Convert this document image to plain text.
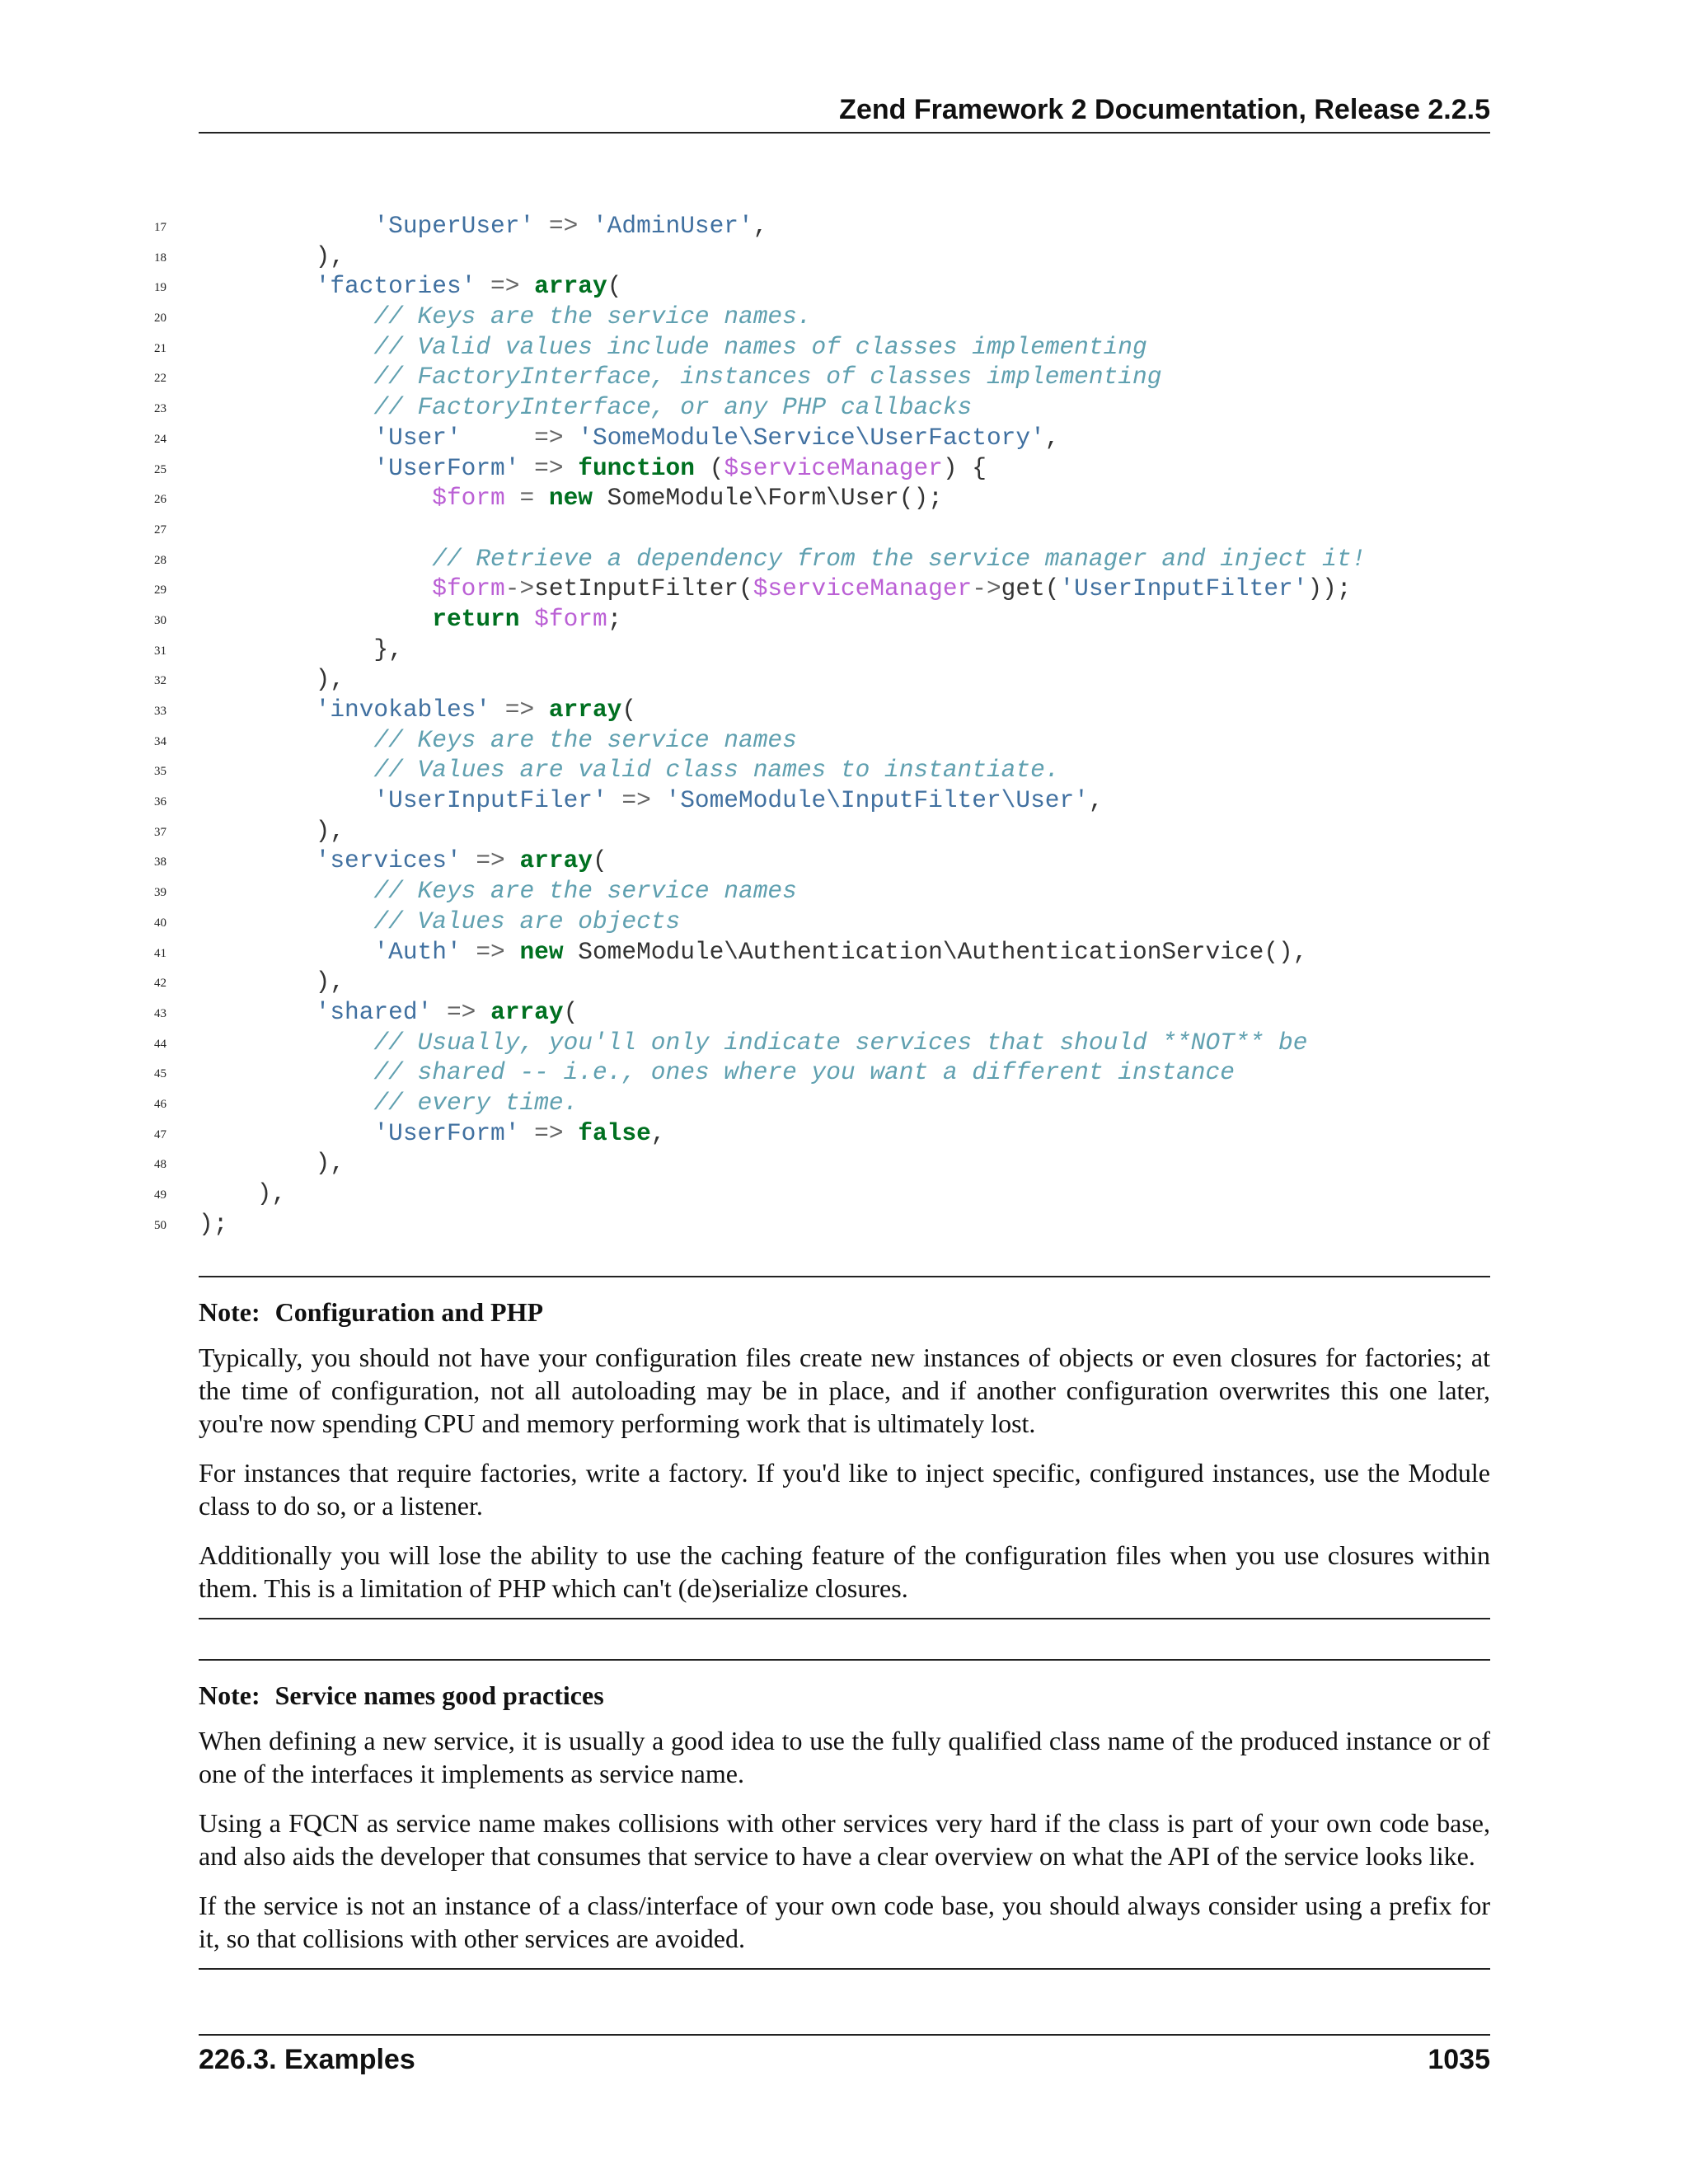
Zend Framework 2 Documentation, Release 2.2.5
17	'SuperUser' => 'AdminUser',
18 ),
19	'factories' => array(
20	// Keys are the service names.
21	// Valid values include names of classes implementing
22	// FactoryInterface, instances of classes implementing
23	// FactoryInterface, or any PHP callbacks
24	'User'     => 'SomeModule\Service\UserFactory',
25	'UserForm' => function ($serviceManager) {
26	$form = new SomeModule\Form\User();
27
28	// Retrieve a dependency from the service manager and inject it!
29	$form->setInputFilter($serviceManager->get('UserInputFilter'));
30	return $form;
31 },
32 ),
33	'invokables' => array(
34	// Keys are the service names
35	// Values are valid class names to instantiate.
36	'UserInputFiler' => 'SomeModule\InputFilter\User',
37 ),
38	'services' => array(
39	// Keys are the service names
40	// Values are objects
41	'Auth' => new SomeModule\Authentication\AuthenticationService(),
42 ),
43	'shared' => array(
44	// Usually, you'll only indicate services that should **NOT** be
45	// shared -- i.e., ones where you want a different instance
46	// every time.
47	'UserForm' => false,
48 ),
49 ),
50 );
Note: Configuration and PHP

Typically, you should not have your configuration files create new instances of objects or even closures for factories; at the time of configuration, not all autoloading may be in place, and if another configuration overwrites this one later, you're now spending CPU and memory performing work that is ultimately lost.

For instances that require factories, write a factory. If you'd like to inject specific, configured instances, use the Module class to do so, or a listener.

Additionally you will lose the ability to use the caching feature of the configuration files when you use closures within them. This is a limitation of PHP which can't (de)serialize closures.

Note: Service names good practices

When defining a new service, it is usually a good idea to use the fully qualified class name of the produced instance or of one of the interfaces it implements as service name.

Using a FQCN as service name makes collisions with other services very hard if the class is part of your own code base, and also aids the developer that consumes that service to have a clear overview on what the API of the service looks like.

If the service is not an instance of a class/interface of your own code base, you should always consider using a prefix for it, so that collisions with other services are avoided.

226.3. Examples	1035
